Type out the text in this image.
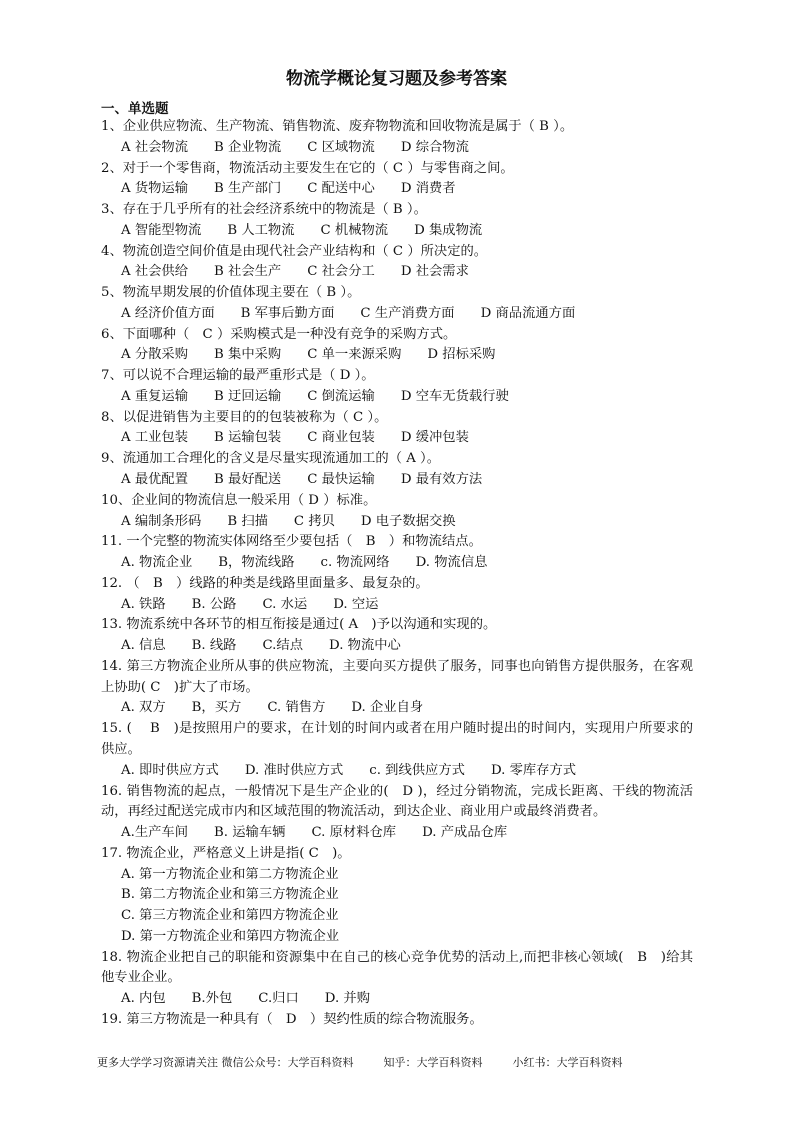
物流学概论复习题及参考答案
一、单选题
1、企业供应物流、生产物流、销售物流、废弃物物流和回收物流是属于（ B ）。
A 社会物流 B 企业物流 C 区域物流 D 综合物流
2、对于一个零售商，物流活动主要发生在它的（ C ）与零售商之间。
A 货物运输 B 生产部门 C 配送中心 D 消费者
3、存在于几乎所有的社会经济系统中的物流是（ B ）。
A 智能型物流 B 人工物流 C 机械物流 D 集成物流
4、物流创造空间价值是由现代社会产业结构和（ C ）所决定的。
A 社会供给 B 社会生产 C 社会分工 D 社会需求
5、物流早期发展的价值体现主要在（ B ）。
A 经济价值方面 B 军事后勤方面 C 生产消费方面 D 商品流通方面
6、下面哪种（　C ）采购模式是一种没有竞争的采购方式。
A 分散采购 B 集中采购 C 单一来源采购 D 招标采购
7、可以说不合理运输的最严重形式是（ D ）。
A 重复运输 B 迂回运输 C 倒流运输 D 空车无货载行驶
8、以促进销售为主要目的的包装被称为（ C ）。
A 工业包装 B 运输包装 C 商业包装 D 缓冲包装
9、流通加工合理化的含义是尽量实现流通加工的（ A ）。
A 最优配置 B 最好配送 C 最快运输 D 最有效方法
10、企业间的物流信息一般采用（ D ）标准。
A 编制条形码 B 扫描 C 拷贝 D 电子数据交换
11. 一个完整的物流实体网络至少要包括（　B　）和物流结点。
A. 物流企业 B，物流线路 c. 物流网络 D. 物流信息
12. （　B　）线路的种类是线路里面量多、最复杂的。
A. 铁路 B. 公路 C. 水运 D. 空运
13. 物流系统中各环节的相互衔接是通过( A　)予以沟通和实现的。
A. 信息 B. 线路 C.结点 D. 物流中心
14. 第三方物流企业所从事的供应物流，主要向买方提供了服务，同事也向销售方提供服务，在客观上协助( C　)扩大了市场。
A. 双方 B，买方 C. 销售方 D. 企业自身
15. (　 B　)是按照用户的要求，在计划的时间内或者在用户随时提出的时间内，实现用户所要求的供应。
A. 即时供应方式 D. 准时供应方式 c. 到线供应方式 D. 零库存方式
16. 销售物流的起点，一般情况下是生产企业的(　D )，经过分销物流，完成长距离、干线的物流活动，再经过配送完成市内和区域范围的物流活动，到达企业、商业用户或最终消费者。
A.生产车间 B. 运输车辆 C. 原材料仓库 D. 产成品仓库
17. 物流企业，严格意义上讲是指( C　)。
A. 第一方物流企业和第二方物流企业
B. 第二方物流企业和第三方物流企业
C. 第三方物流企业和第四方物流企业
D. 第一方物流企业和第四方物流企业
18. 物流企业把自己的职能和资源集中在自己的核心竞争优势的活动上,而把非核心领域(　B　)给其他专业企业。
A. 内包 B.外包 C.归口 D. 并购
19. 第三方物流是一种具有（　D　）契约性质的综合物流服务。

更多大学学习资源请关注 微信公众号：大学百科资料	知乎：大学百科资料	小红书：大学百科资料
